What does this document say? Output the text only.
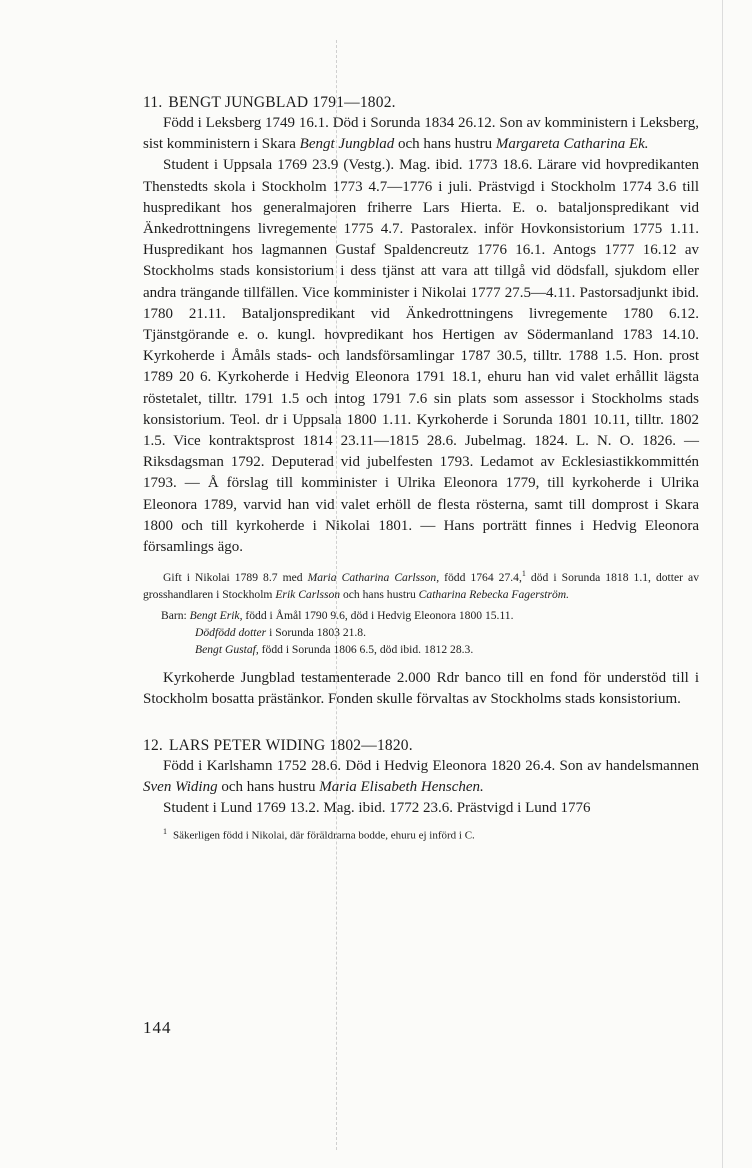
11. BENGT JUNGBLAD 1791—1802.

Född i Leksberg 1749 16.1. Död i Sorunda 1834 26.12. Son av komministern i Leksberg, sist komministern i Skara Bengt Jungblad och hans hustru Margareta Catharina Ek.

Student i Uppsala 1769 23.9 (Vestg.). Mag. ibid. 1773 18.6. Lärare vid hovpredikanten Thenstedts skola i Stockholm 1773 4.7—1776 i juli. Prästvigd i Stockholm 1774 3.6 till huspredikant hos generalmajoren friherre Lars Hierta. E. o. bataljonspredikant vid Änkedrottningens livregemente 1775 4.7. Pastoralex. inför Hovkonsistorium 1775 1.11. Huspredikant hos lagmannen Gustaf Spaldencreutz 1776 16.1. Antogs 1777 16.12 av Stockholms stads konsistorium i dess tjänst att vara att tillgå vid dödsfall, sjukdom eller andra trängande tillfällen. Vice komminister i Nikolai 1777 27.5—4.11. Pastorsadjunkt ibid. 1780 21.11. Bataljonspredikant vid Änkedrottningens livregemente 1780 6.12. Tjänstgörande e. o. kungl. hovpredikant hos Hertigen av Södermanland 1783 14.10. Kyrkoherde i Åmåls stads- och landsförsamlingar 1787 30.5, tilltr. 1788 1.5. Hon. prost 1789 20 6. Kyrkoherde i Hedvig Eleonora 1791 18.1, ehuru han vid valet erhållit lägsta röstetalet, tilltr. 1791 1.5 och intog 1791 7.6 sin plats som assessor i Stockholms stads konsistorium. Teol. dr i Uppsala 1800 1.11. Kyrkoherde i Sorunda 1801 10.11, tilltr. 1802 1.5. Vice kontraktsprost 1814 23.11—1815 28.6. Jubelmag. 1824. L. N. O. 1826. — Riksdagsman 1792. Deputerad vid jubelfesten 1793. Ledamot av Ecklesiastikkommittén 1793. — Å förslag till komminister i Ulrika Eleonora 1779, till kyrkoherde i Ulrika Eleonora 1789, varvid han vid valet erhöll de flesta rösterna, samt till domprost i Skara 1800 och till kyrkoherde i Nikolai 1801. — Hans porträtt finnes i Hedvig Eleonora församlings ägo.

Gift i Nikolai 1789 8.7 med Maria Catharina Carlsson, född 1764 27.4,$^1$ död i Sorunda 1818 1.1, dotter av grosshandlaren i Stockholm Erik Carlsson och hans hustru Catharina Rebecka Fagerström.

Barn: Bengt Erik, född i Åmål 1790 9.6, död i Hedvig Eleonora 1800 15.11.
Dödfödd dotter i Sorunda 1803 21.8.
Bengt Gustaf, född i Sorunda 1806 6.5, död ibid. 1812 28.3.

Kyrkoherde Jungblad testamenterade 2.000 Rdr banco till en fond för understöd till i Stockholm bosatta prästänkor. Fonden skulle förvaltas av Stockholms stads konsistorium.

12. LARS PETER WIDING 1802—1820.

Född i Karlshamn 1752 28.6. Död i Hedvig Eleonora 1820 26.4. Son av handelsmannen Sven Widing och hans hustru Maria Elisabeth Henschen.

Student i Lund 1769 13.2. Mag. ibid. 1772 23.6. Prästvigd i Lund 1776

$^1$ Säkerligen född i Nikolai, där föräldrarna bodde, ehuru ej införd i C.

144
